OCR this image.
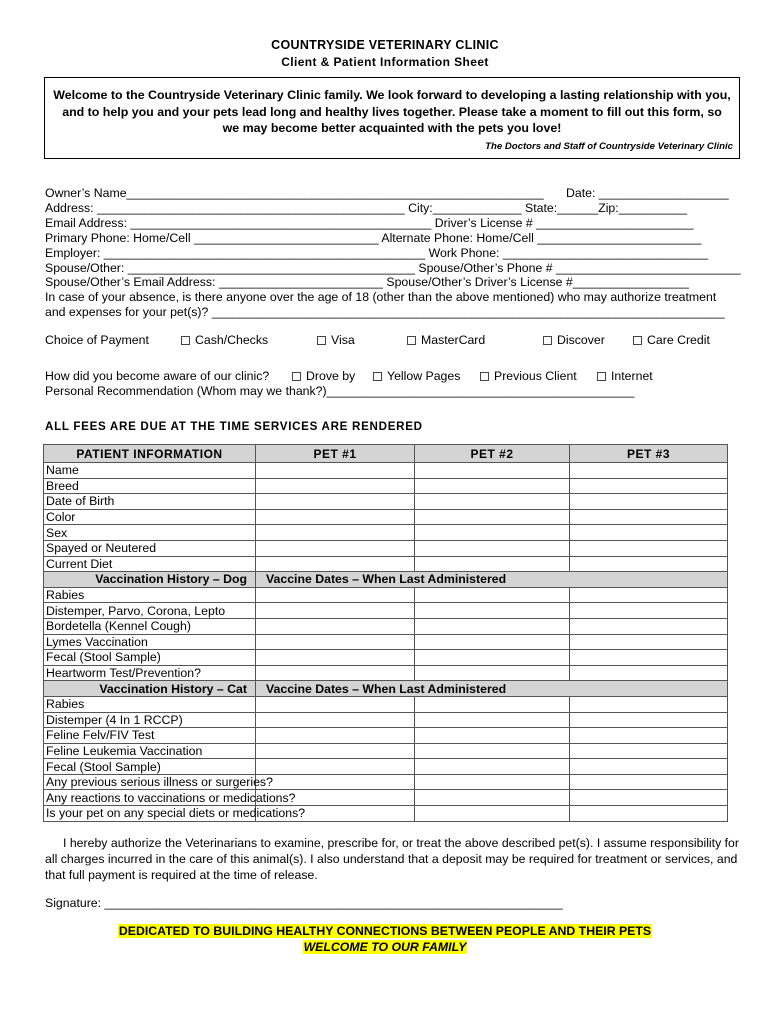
COUNTRYSIDE VETERINARY CLINIC
Client & Patient Information Sheet
Welcome to the Countryside Veterinary Clinic family. We look forward to developing a lasting relationship with you, and to help you and your pets lead long and healthy lives together. Please take a moment to fill out this form, so we may become better acquainted with the pets you love!
The Doctors and Staff of Countryside Veterinary Clinic
Owner’s Name_____________________________________________________________ Date: ___________________
Address: _____________________________________________ City:_____________ State:______Zip:__________
Email Address: ____________________________________________ Driver’s License # _______________________
Primary Phone: Home/Cell ___________________________ Alternate Phone: Home/Cell ________________________
Employer: _______________________________________________ Work Phone: ______________________________
Spouse/Other: __________________________________________ Spouse/Other’s Phone # ___________________________
Spouse/Other’s Email Address: ________________________ Spouse/Other’s Driver’s License #_________________
In case of your absence, is there anyone over the age of 18 (other than the above mentioned) who may authorize treatment
and expenses for your pet(s)? ___________________________________________________________________________
Choice of Payment	Cash/Checks	Visa	MasterCard	Discover	Care Credit
How did you become aware of our clinic?	Drove by	Yellow Pages	Previous Client	Internet
Personal Recommendation (Whom may we thank?)_____________________________________________
ALL FEES ARE DUE AT THE TIME SERVICES ARE RENDERED
PATIENT INFORMATION	PET #1	PET #2	PET #3
Name			
Breed			
Date of Birth			
Color			
Sex			
Spayed or Neutered			
Current Diet			
Vaccination History – Dog	Vaccine Dates – When Last Administered		
Rabies			
Distemper, Parvo, Corona, Lepto			
Bordetella (Kennel Cough)			
Lymes Vaccination			
Fecal (Stool Sample)			
Heartworm Test/Prevention?			
Vaccination History – Cat	Vaccine Dates – When Last Administered		
Rabies			
Distemper (4 In 1 RCCP)			
Feline Felv/FIV Test			
Feline Leukemia Vaccination			
Fecal (Stool Sample)			
Any previous serious illness or surgeries?			
Any reactions to vaccinations or medications?			
Is your pet on any special diets or medications?			
I hereby authorize the Veterinarians to examine, prescribe for, or treat the above described pet(s). I assume responsibility for all charges incurred in the care of this animal(s). I also understand that a deposit may be required for treatment or services, and that full payment is required at the time of release.
Signature: ___________________________________________________________________
DEDICATED TO BUILDING HEALTHY CONNECTIONS BETWEEN PEOPLE AND THEIR PETS
WELCOME TO OUR FAMILY
